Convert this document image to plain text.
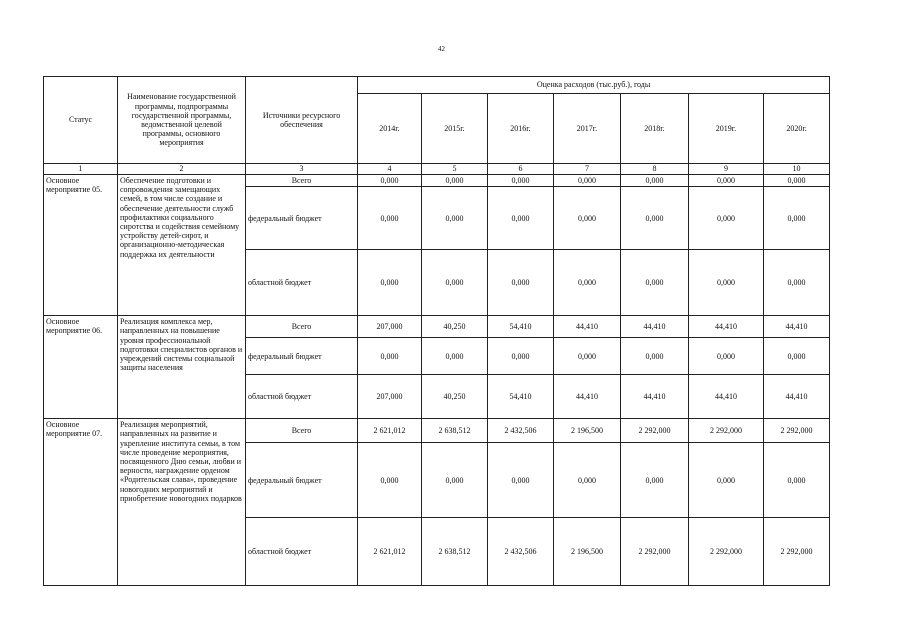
42
Статус	Наименование государственной программы, подпрограммы государственной программы, ведомственной целевой программы, основного мероприятия	Источники ресурсного обеспечения	Оценка расходов (тыс.руб.), годы						
			2014г.	2015г.	2016г.	2017г.	2018г.	2019г.	2020г.
1	2	3	4	5	6	7	8	9	10
Основное мероприятие 05.	Обеспечение подготовки и сопровождения замещающих семей, в том числе создание и обеспечение деятельности служб профилактики социального сиротства и содействия семейному устройству детей-сирот, и организационно-методическая поддержка их деятельности	Всего	0,000	0,000	0,000	0,000	0,000	0,000	0,000
		федеральный бюджет	0,000	0,000	0,000	0,000	0,000	0,000	0,000
		областной бюджет	0,000	0,000	0,000	0,000	0,000	0,000	0,000
Основное мероприятие 06.	Реализация комплекса мер, направленных на повышение уровня профессиональной подготовки специалистов органов и учреждений системы социальной защиты населения	Всего	207,000	40,250	54,410	44,410	44,410	44,410	44,410
		федеральный бюджет	0,000	0,000	0,000	0,000	0,000	0,000	0,000
		областной бюджет	207,000	40,250	54,410	44,410	44,410	44,410	44,410
Основное мероприятие 07.	Реализация мероприятий, направленных на развитие и укрепление института семьи, в том числе проведение мероприятия, посвященного Дню семьи, любви и верности, награждение орденом «Родительская слава», проведение новогодних мероприятий и приобретение новогодних подарков	Всего	2 621,012	2 638,512	2 432,506	2 196,500	2 292,000	2 292,000	2 292,000
		федеральный бюджет	0,000	0,000	0,000	0,000	0,000	0,000	0,000
		областной бюджет	2 621,012	2 638,512	2 432,506	2 196,500	2 292,000	2 292,000	2 292,000
